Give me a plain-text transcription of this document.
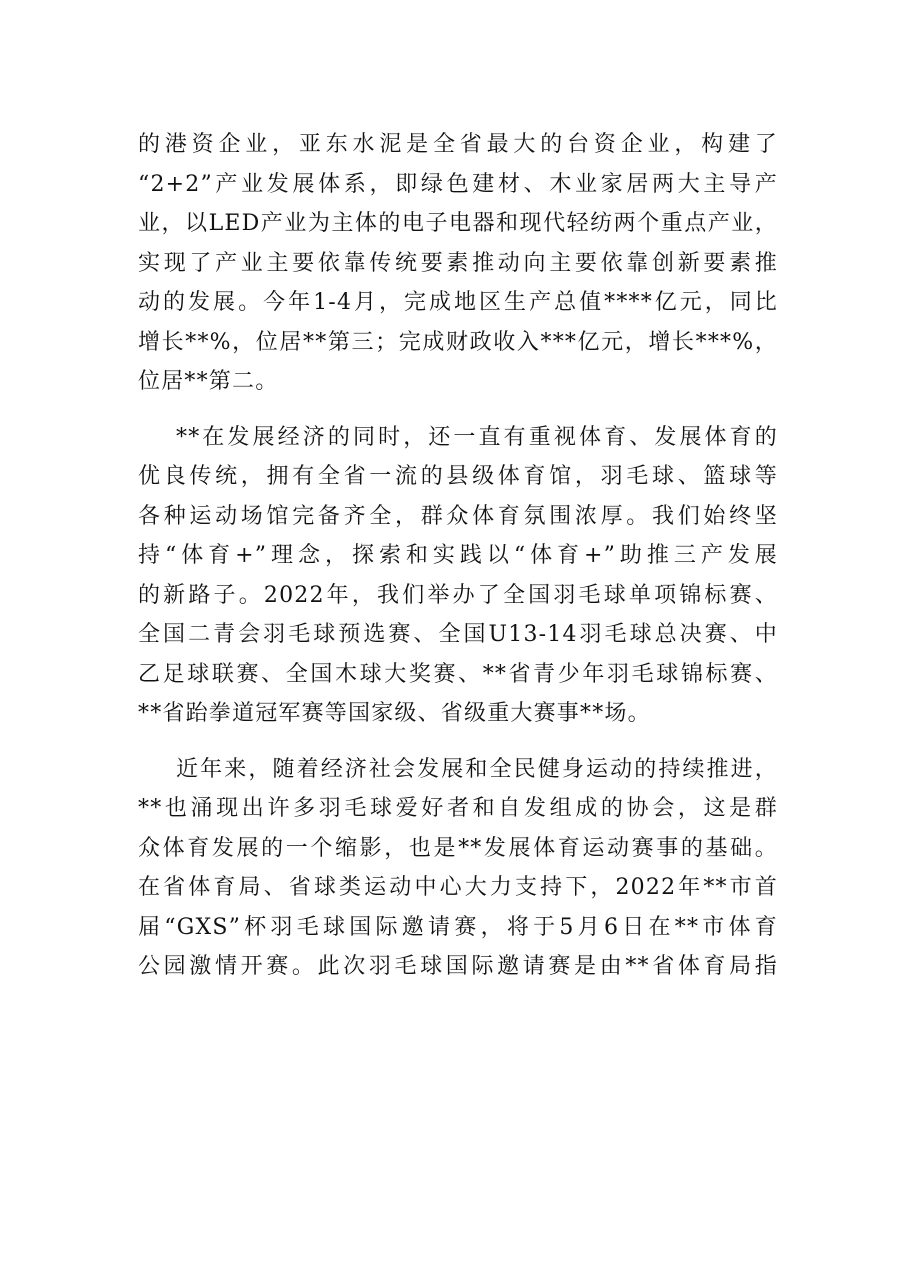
的港资企业，亚东水泥是全省最大的台资企业，构建了
“2+2”产业发展体系，即绿色建材、木业家居两大主导产
业，以LED产业为主体的电子电器和现代轻纺两个重点产业，
实现了产业主要依靠传统要素推动向主要依靠创新要素推
动的发展。今年1-4月，完成地区生产总值****亿元，同比
增长**%，位居**第三；完成财政收入***亿元，增长***%，
位居**第二。
**在发展经济的同时，还一直有重视体育、发展体育的
优良传统，拥有全省一流的县级体育馆，羽毛球、篮球等
各种运动场馆完备齐全，群众体育氛围浓厚。我们始终坚
持“体育+”理念，探索和实践以“体育+”助推三产发展
的新路子。2022年，我们举办了全国羽毛球单项锦标赛、
全国二青会羽毛球预选赛、全国U13-14羽毛球总决赛、中
乙足球联赛、全国木球大奖赛、**省青少年羽毛球锦标赛、
**省跆拳道冠军赛等国家级、省级重大赛事**场。
近年来，随着经济社会发展和全民健身运动的持续推进，
**也涌现出许多羽毛球爱好者和自发组成的协会，这是群
众体育发展的一个缩影，也是**发展体育运动赛事的基础。
在省体育局、省球类运动中心大力支持下，2022年**市首
届“GXS”杯羽毛球国际邀请赛，将于5月6日在**市体育
公园激情开赛。此次羽毛球国际邀请赛是由**省体育局指
